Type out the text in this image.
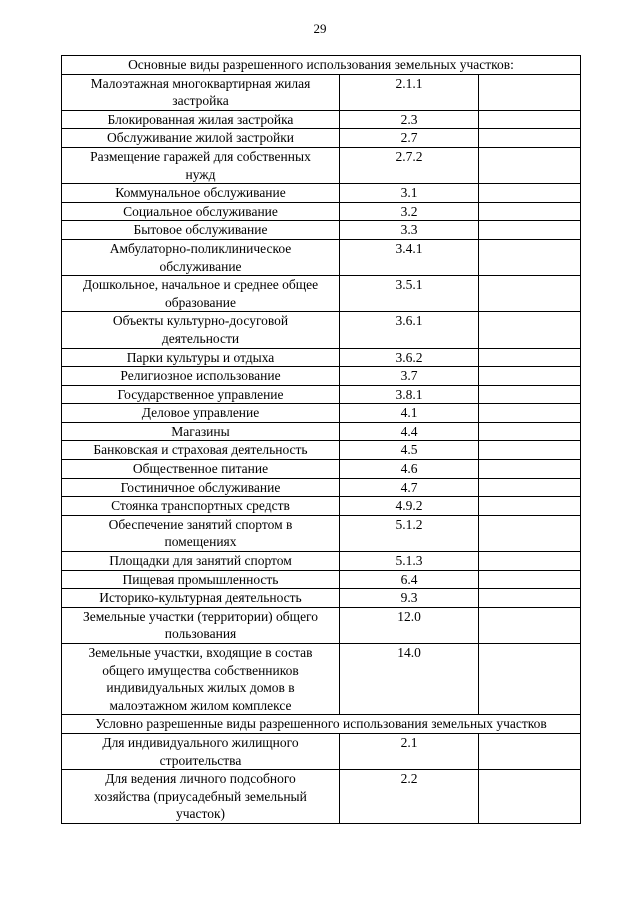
29
Основные виды разрешенного использования земельных участков:		

Малоэтажная многоквартирная жилая
застройка	2.1.1	

Блокированная жилая застройка	2.3	

Обслуживание жилой застройки	2.7	

Размещение гаражей для собственных
нужд	2.7.2	

Коммунальное обслуживание	3.1	

Социальное обслуживание	3.2	

Бытовое обслуживание	3.3	

Амбулаторно-поликлиническое
обслуживание	3.4.1	

Дошкольное, начальное и среднее общее
образование	3.5.1	

Объекты культурно-досуговой
деятельности	3.6.1	

Парки культуры и отдыха	3.6.2	

Религиозное использование	3.7	

Государственное управление	3.8.1	

Деловое управление	4.1	

Магазины	4.4	

Банковская и страховая деятельность	4.5	

Общественное питание	4.6	

Гостиничное обслуживание	4.7	

Стоянка транспортных средств	4.9.2	

Обеспечение занятий спортом в
помещениях	5.1.2	

Площадки для занятий спортом	5.1.3	

Пищевая промышленность	6.4	

Историко-культурная деятельность	9.3	

Земельные участки (территории) общего
пользования	12.0	

Земельные участки, входящие в состав
общего имущества собственников
индивидуальных жилых домов в
малоэтажном жилом комплексе	14.0	
Условно разрешенные виды разрешенного использования земельных участков		

Для индивидуального жилищного
строительства	2.1	

Для ведения личного подсобного
хозяйства (приусадебный земельный
участок)	2.2	
